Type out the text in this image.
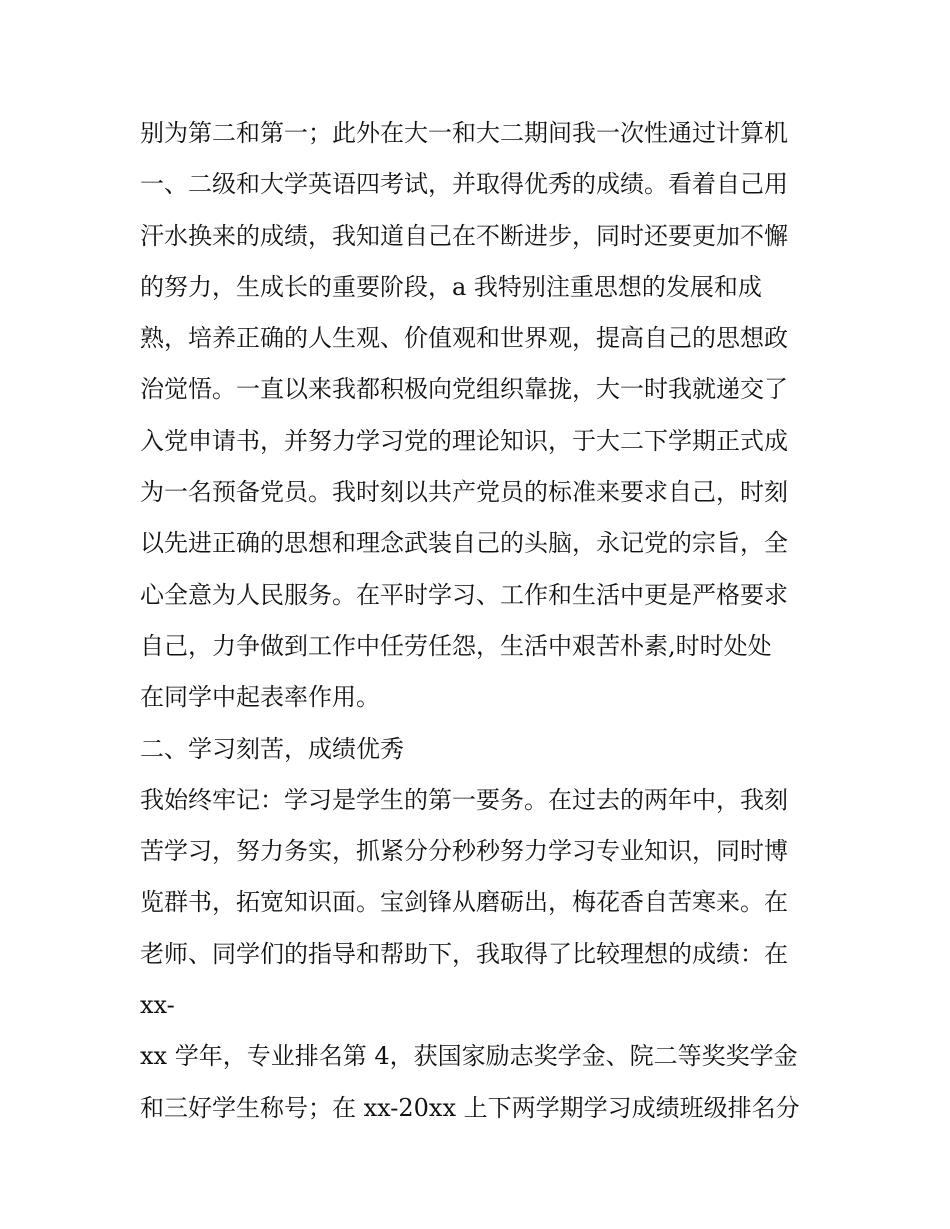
别为第二和第一；此外在大一和大二期间我一次性通过计算机
一、二级和大学英语四考试，并取得优秀的成绩。看着自己用
汗水换来的成绩，我知道自己在不断进步，同时还要更加不懈
的努力，生成长的重要阶段，a 我特别注重思想的发展和成
熟，培养正确的人生观、价值观和世界观，提高自己的思想政
治觉悟。一直以来我都积极向党组织靠拢，大一时我就递交了
入党申请书，并努力学习党的理论知识，于大二下学期正式成
为一名预备党员。我时刻以共产党员的标准来要求自己，时刻
以先进正确的思想和理念武装自己的头脑，永记党的宗旨，全
心全意为人民服务。在平时学习、工作和生活中更是严格要求
自己，力争做到工作中任劳任怨，生活中艰苦朴素,时时处处
在同学中起表率作用。
二、学习刻苦，成绩优秀
我始终牢记：学习是学生的第一要务。在过去的两年中，我刻
苦学习，努力务实，抓紧分分秒秒努力学习专业知识，同时博
览群书，拓宽知识面。宝剑锋从磨砺出，梅花香自苦寒来。在
老师、同学们的指导和帮助下，我取得了比较理想的成绩：在
xx-
xx 学年，专业排名第 4，获国家励志奖学金、院二等奖奖学金
和三好学生称号；在 xx-20xx 上下两学期学习成绩班级排名分
